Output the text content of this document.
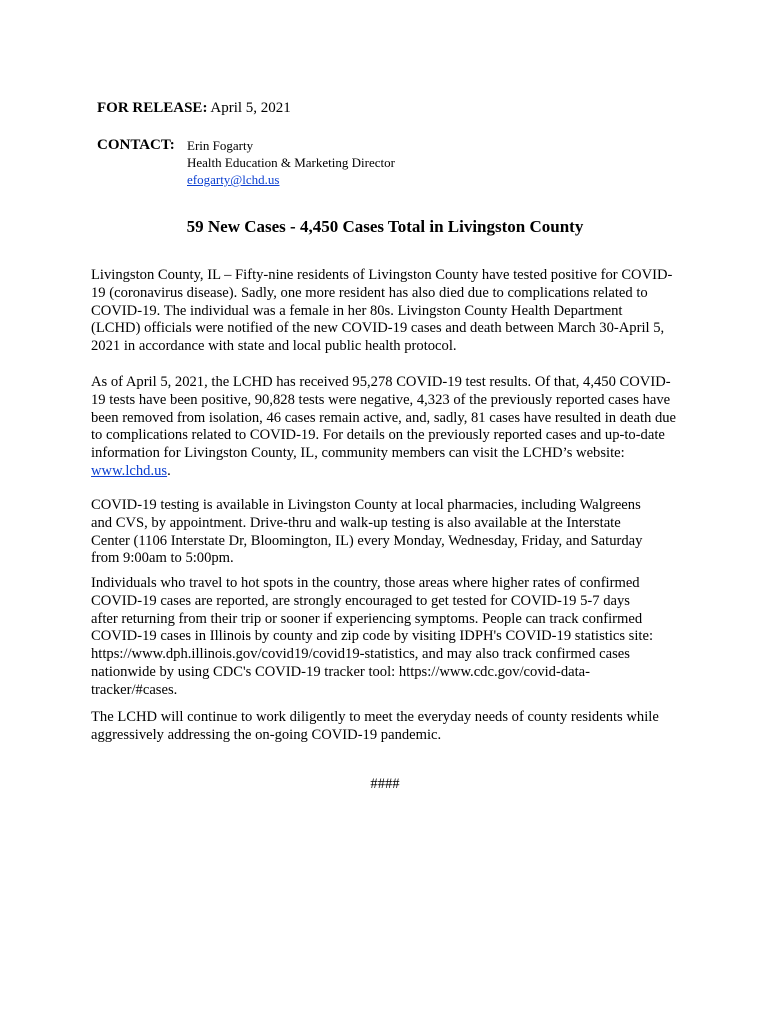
FOR RELEASE: April 5, 2021
CONTACT: Erin Fogarty
Health Education & Marketing Director
efogarty@lchd.us
59 New Cases - 4,450 Cases Total in Livingston County
Livingston County, IL – Fifty-nine residents of Livingston County have tested positive for COVID-
19 (coronavirus disease). Sadly, one more resident has also died due to complications related to
COVID-19. The individual was a female in her 80s. Livingston County Health Department
(LCHD) officials were notified of the new COVID-19 cases and death between March 30-April 5,
2021 in accordance with state and local public health protocol.
As of April 5, 2021, the LCHD has received 95,278 COVID-19 test results. Of that, 4,450 COVID-
19 tests have been positive, 90,828 tests were negative, 4,323 of the previously reported cases have
been removed from isolation, 46 cases remain active, and, sadly, 81 cases have resulted in death due
to complications related to COVID-19. For details on the previously reported cases and up-to-date
information for Livingston County, IL, community members can visit the LCHD’s website:
www.lchd.us.
COVID-19 testing is available in Livingston County at local pharmacies, including Walgreens
and CVS, by appointment. Drive-thru and walk-up testing is also available at the Interstate
Center (1106 Interstate Dr, Bloomington, IL) every Monday, Wednesday, Friday, and Saturday
from 9:00am to 5:00pm.
Individuals who travel to hot spots in the country, those areas where higher rates of confirmed
COVID-19 cases are reported, are strongly encouraged to get tested for COVID-19 5-7 days
after returning from their trip or sooner if experiencing symptoms. People can track confirmed
COVID-19 cases in Illinois by county and zip code by visiting IDPH's COVID-19 statistics site:
https://www.dph.illinois.gov/covid19/covid19-statistics, and may also track confirmed cases
nationwide by using CDC's COVID-19 tracker tool: https://www.cdc.gov/covid-data-
tracker/#cases.
The LCHD will continue to work diligently to meet the everyday needs of county residents while
aggressively addressing the on-going COVID-19 pandemic.
####
